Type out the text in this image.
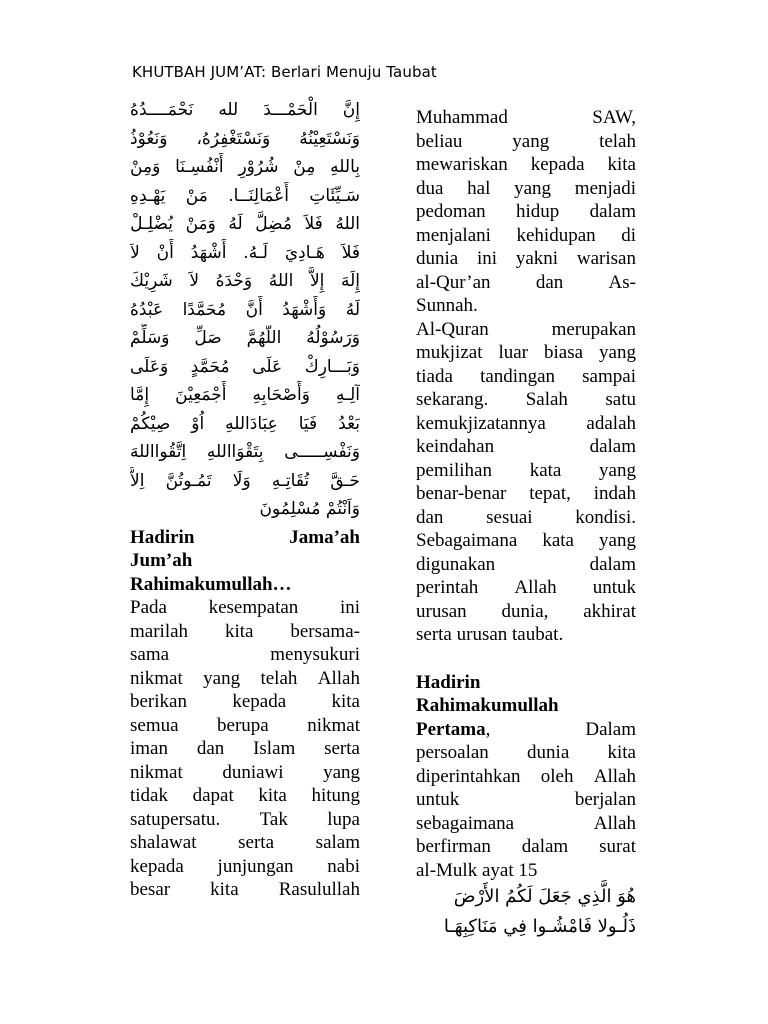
KHUTBAH JUM’AT: Berlari Menuju Taubat
إِنَّ
الْحَمْـــدَ
لله
نَحْمَــــدُهُ
وَنَسْتَعِيْنُهُ
وَنَسْتَغْفِرُهُ،
وَنَعُوْذُ
بِاللهِ
مِنْ
شُرُوْرِ
أَنْفُسِـنَا
وَمِنْ
سَـيِّئَاتِ
أَعْمَالِنَــا.
مَنْ
يَهْـدِهِ
اللهُ
فَلاَ
مُضِلَّ
لَهُ
وَمَنْ
يُضْلِـلْ
فَلاَ
هَـادِيَ
لَـهُ.
أَشْهَدُ
أَنْ
لاَ
إِلَهَ
إِلاَّ
اللهُ
وَحْدَهُ
لاَ
شَرِيْكَ
لَهُ
وَأَشْهَدُ
أَنَّ
مُحَمَّدًا
عَبْدُهُ
وَرَسُوْلُهُ
اللّهُمَّ
صَلِّ
وَسَلِّمْ
وَبَـــارِكْ
عَلَى
مُحَمَّدٍ
وَعَلَى
آلِـهِ
وَأَصْحَابِهِ
أَجْمَعِيْنَ
إِمَّا
بَعْدُ
فَيَا
عِبَادَاللهِ
اُوْ
صِيْكُمْ
وَنَفْسِـــــى
بِتَقْوَااللهِ
اِتَّقُوااللهَ
حَـقَّ
تُقَاتِـهِ
وَلَا
تَمُـوتُنَّ
اِلاَّ
وَاَنْتُمْ مُسْلِمُونَ
Hadirin	Jama’ah
Jum’ah
Rahimakumullah…
Pada kesempatan ini
marilah kita bersama-
sama	menysukuri
nikmat yang telah Allah
berikan kepada kita
semua berupa nikmat
iman dan Islam serta
nikmat duniawi yang
tidak dapat kita hitung
satupersatu. Tak lupa
shalawat serta salam
kepada junjungan nabi
besar kita Rasulullah
Muhammad	SAW,
beliau	yang	telah
mewariskan kepada kita
dua hal yang menjadi
pedoman hidup dalam
menjalani kehidupan di
dunia ini yakni warisan
al-Qur’an dan As-
Sunnah.
Al-Quran	merupakan
mukjizat luar biasa yang
tiada tandingan sampai
sekarang. Salah satu
kemukjizatannya adalah
keindahan	dalam
pemilihan kata yang
benar-benar tepat, indah
dan sesuai kondisi.
Sebagaimana kata yang
digunakan	dalam
perintah Allah untuk
urusan dunia, akhirat
serta urusan taubat.
Hadirin
Rahimakumullah
Pertama,	Dalam
persoalan dunia kita
diperintahkan oleh Allah
untuk	berjalan
sebagaimana	Allah
berfirman dalam surat
al-Mulk ayat 15
هُوَ الَّذِي جَعَلَ لَكُمُ الأَرْضَ
ذَلُـولا فَامْشُـوا فِي مَنَاكِبِهَـا
